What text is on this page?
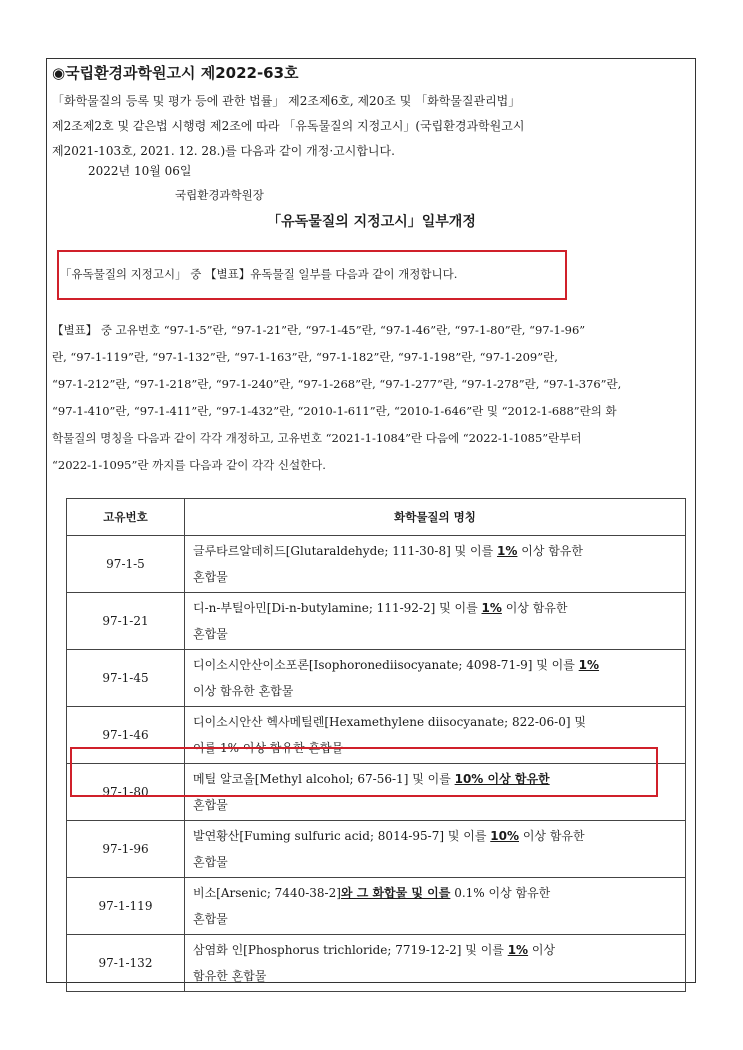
◉국립환경과학원고시 제2022-63호
「화학물질의 등록 및 평가 등에 관한 법률」 제2조제6호, 제20조 및 「화학물질관리법」
제2조제2호 및 같은법 시행령 제2조에 따라 「유독물질의 지정고시」(국립환경과학원고시
제2021-103호, 2021. 12. 28.)를 다음과 같이 개정·고시합니다.
2022년 10월 06일
국립환경과학원장
「유독물질의 지정고시」일부개정
「유독물질의 지정고시」 중 【별표】유독물질 일부를 다음과 같이 개정합니다.
【별표】 중 고유번호 “97-1-5”란, “97-1-21”란, “97-1-45”란, “97-1-46”란, “97-1-80”란, “97-1-96”
란, “97-1-119”란, “97-1-132”란, “97-1-163”란, “97-1-182”란, “97-1-198”란, “97-1-209”란,
“97-1-212”란, “97-1-218”란, “97-1-240”란, “97-1-268”란, “97-1-277”란, “97-1-278”란, “97-1-376”란,
“97-1-410”란, “97-1-411”란, “97-1-432”란, “2010-1-611”란, “2010-1-646”란 및 “2012-1-688”란의 화
학물질의 명칭을 다음과 같이 각각 개정하고, 고유번호 “2021-1-1084”란 다음에 “2022-1-1085”란부터
“2022-1-1095”란 까지를 다음과 같이 각각 신설한다.
고유번호	화학물질의 명칭
97-1-5	글루타르알데히드[Glutaraldehyde; 111-30-8] 및 이를 1% 이상 함유한
혼합물

97-1-21	디-n-부틸아민[Di-n-butylamine; 111-92-2] 및 이를 1% 이상 함유한
혼합물

97-1-45	디이소시안산이소포론[Isophoronediisocyanate; 4098-71-9] 및 이를 1%
이상 함유한 혼합물

97-1-46	디이소시안산 헥사메틸렌[Hexamethylene diisocyanate; 822-06-0] 및
이를 1% 이상 함유한 혼합물

97-1-80	메틸 알코올[Methyl alcohol; 67-56-1] 및 이를 10% 이상 함유한
혼합물

97-1-96	발연황산[Fuming sulfuric acid; 8014-95-7] 및 이를 10% 이상 함유한
혼합물

97-1-119	비소[Arsenic; 7440-38-2]와 그 화합물 및 이를 0.1% 이상 함유한
혼합물

97-1-132	삼염화 인[Phosphorus trichloride; 7719-12-2] 및 이를 1% 이상
함유한 혼합물
